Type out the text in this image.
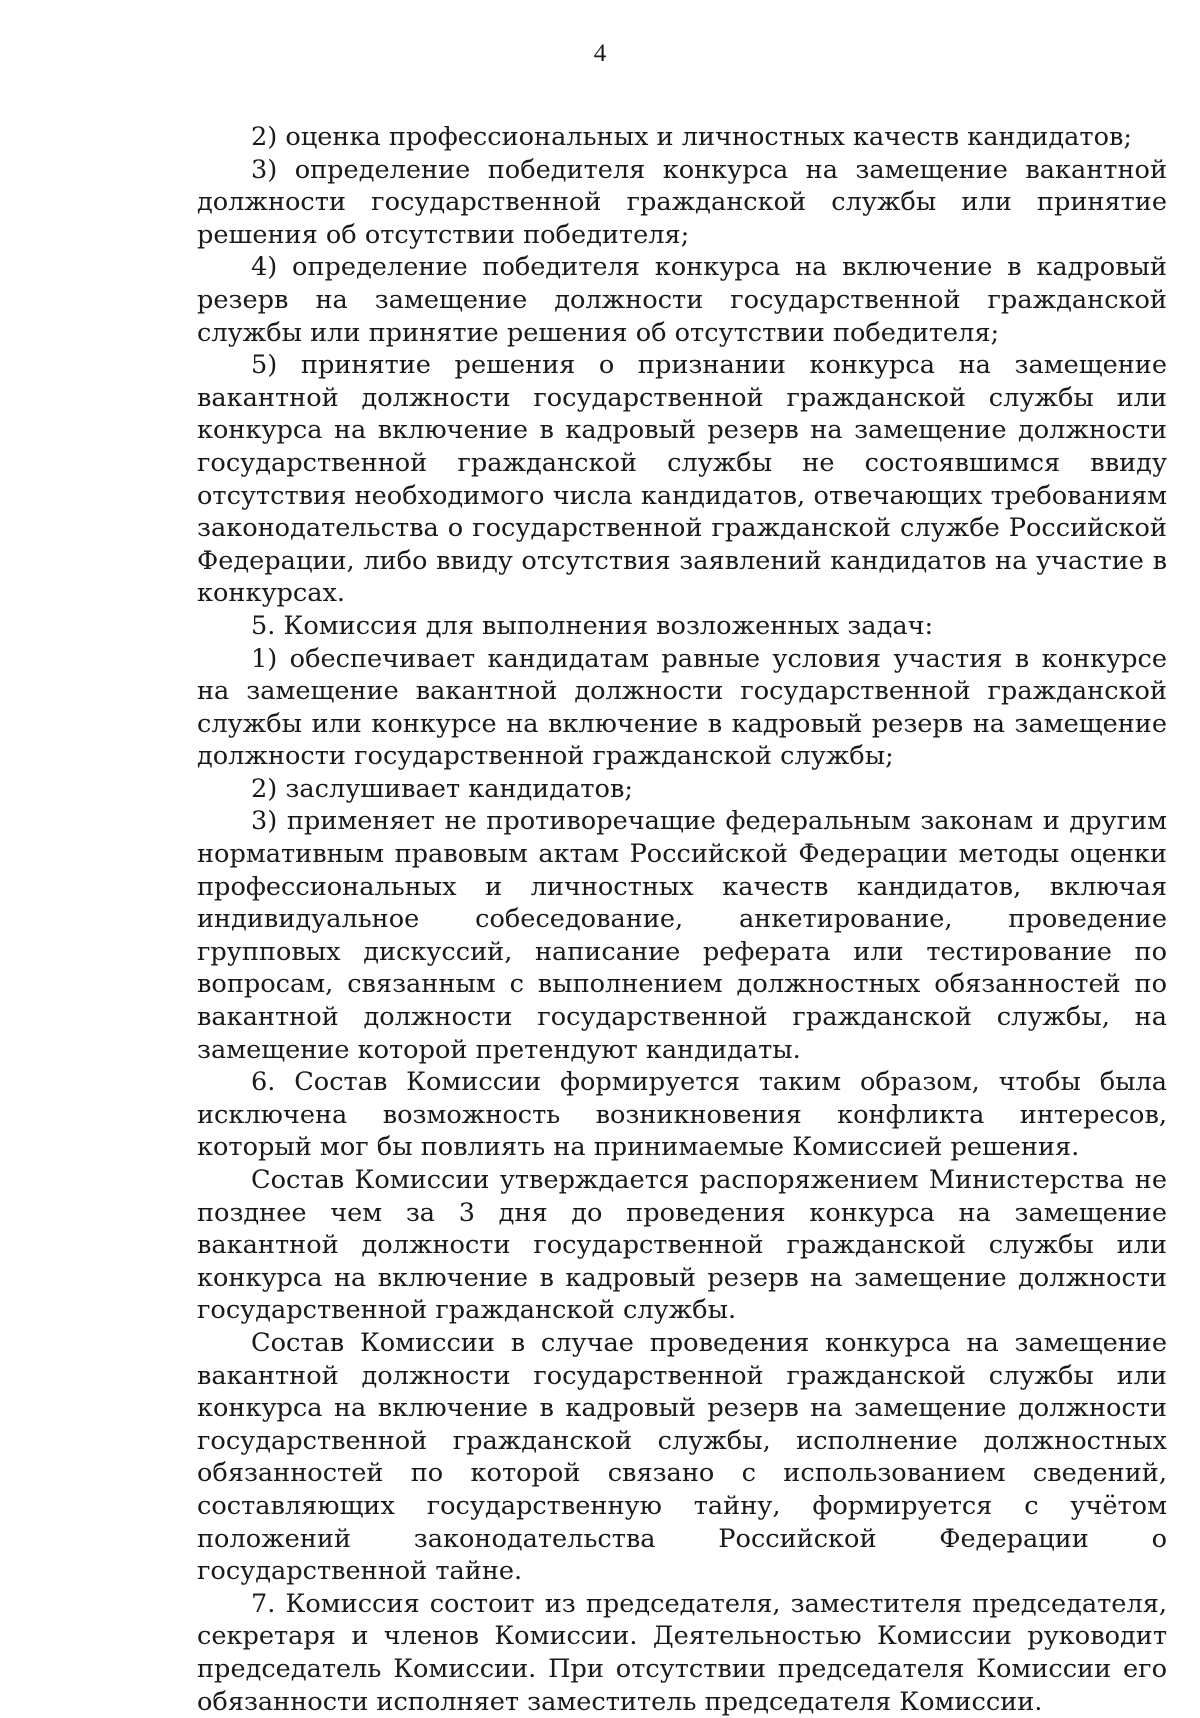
4

2) оценка профессиональных и личностных качеств кандидатов;

3) определение победителя конкурса на замещение вакантной должности государственной гражданской службы или принятие решения об отсутствии победителя;

4) определение победителя конкурса на включение в кадровый резерв на замещение должности государственной гражданской службы или принятие решения об отсутствии победителя;

5) принятие решения о признании конкурса на замещение вакантной должности государственной гражданской службы или конкурса на включение в кадровый резерв на замещение должности государственной гражданской службы не состоявшимся ввиду отсутствия необходимого числа кандидатов, отвечающих требованиям законодательства о государственной гражданской службе Российской Федерации, либо ввиду отсутствия заявлений кандидатов на участие в конкурсах.

5. Комиссия для выполнения возложенных задач:

1) обеспечивает кандидатам равные условия участия в конкурсе на замещение вакантной должности государственной гражданской службы или конкурсе на включение в кадровый резерв на замещение должности государственной гражданской службы;

2) заслушивает кандидатов;

3) применяет не противоречащие федеральным законам и другим нормативным правовым актам Российской Федерации методы оценки профессиональных и личностных качеств кандидатов, включая индивидуальное собеседование, анкетирование, проведение групповых дискуссий, написание реферата или тестирование по вопросам, связанным с выполнением должностных обязанностей по вакантной должности государственной гражданской службы, на замещение которой претендуют кандидаты.

6. Состав Комиссии формируется таким образом, чтобы была исключена возможность возникновения конфликта интересов, который мог бы повлиять на принимаемые Комиссией решения.

Состав Комиссии утверждается распоряжением Министерства не позднее чем за 3 дня до проведения конкурса на замещение вакантной должности государственной гражданской службы или конкурса на включение в кадровый резерв на замещение должности государственной гражданской службы.

Состав Комиссии в случае проведения конкурса на замещение вакантной должности государственной гражданской службы или конкурса на включение в кадровый резерв на замещение должности государственной гражданской службы, исполнение должностных обязанностей по которой связано с использованием сведений, составляющих государственную тайну, формируется с учётом положений законодательства Российской Федерации о государственной тайне.

7. Комиссия состоит из председателя, заместителя председателя, секретаря и членов Комиссии. Деятельностью Комиссии руководит председатель Комиссии. При отсутствии председателя Комиссии его обязанности исполняет заместитель председателя Комиссии.
